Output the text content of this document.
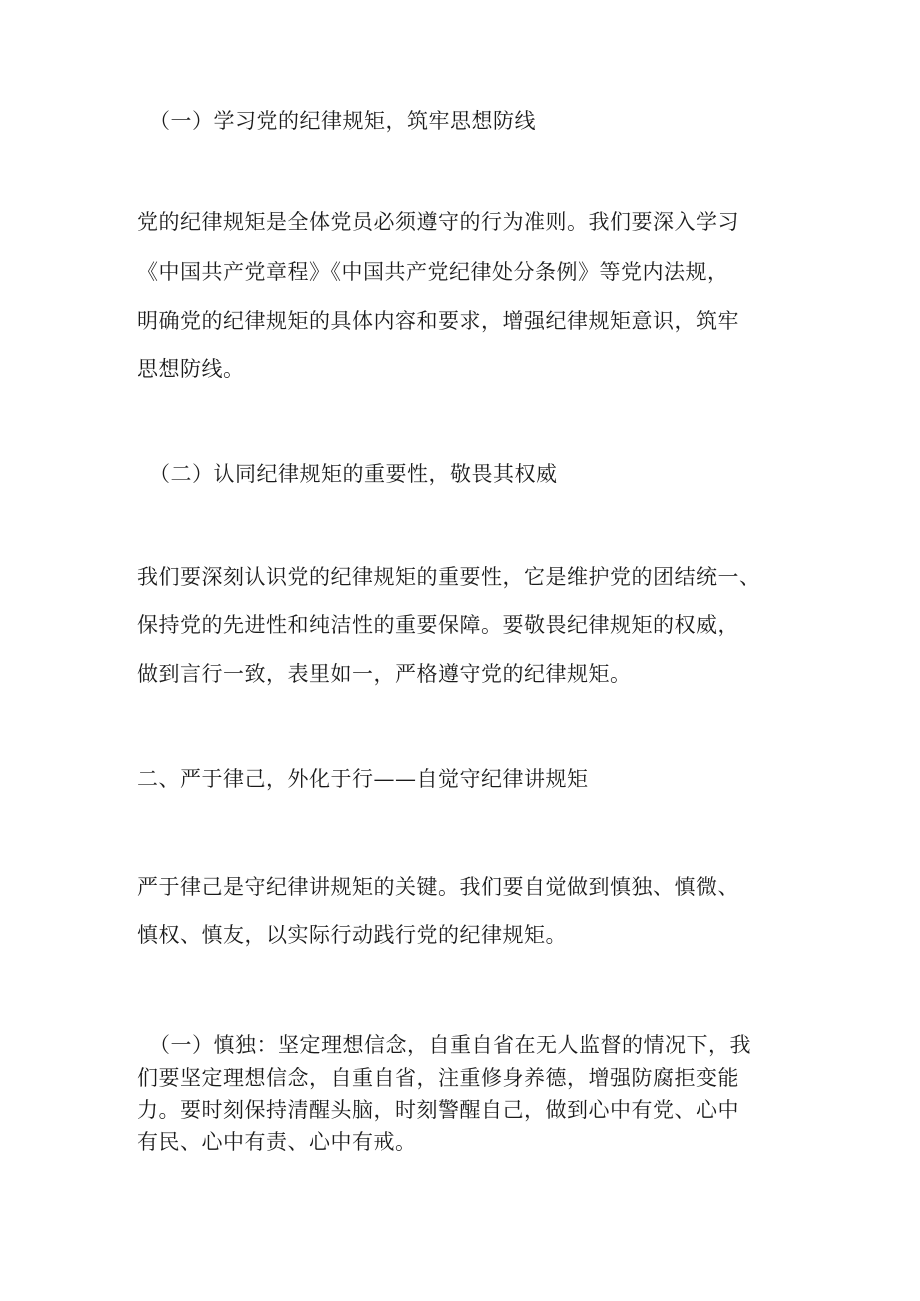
（一）学习党的纪律规矩，筑牢思想防线
党的纪律规矩是全体党员必须遵守的行为准则。我们要深入学习
《中国共产党章程》《中国共产党纪律处分条例》等党内法规，
明确党的纪律规矩的具体内容和要求，增强纪律规矩意识，筑牢
思想防线。
（二）认同纪律规矩的重要性，敬畏其权威
我们要深刻认识党的纪律规矩的重要性，它是维护党的团结统一、
保持党的先进性和纯洁性的重要保障。要敬畏纪律规矩的权威，
做到言行一致，表里如一，严格遵守党的纪律规矩。
二、严于律己，外化于行——自觉守纪律讲规矩
严于律己是守纪律讲规矩的关键。我们要自觉做到慎独、慎微、
慎权、慎友，以实际行动践行党的纪律规矩。
（一）慎独：坚定理想信念，自重自省在无人监督的情况下，我
们要坚定理想信念，自重自省，注重修身养德，增强防腐拒变能
力。要时刻保持清醒头脑，时刻警醒自己，做到心中有党、心中
有民、心中有责、心中有戒。
